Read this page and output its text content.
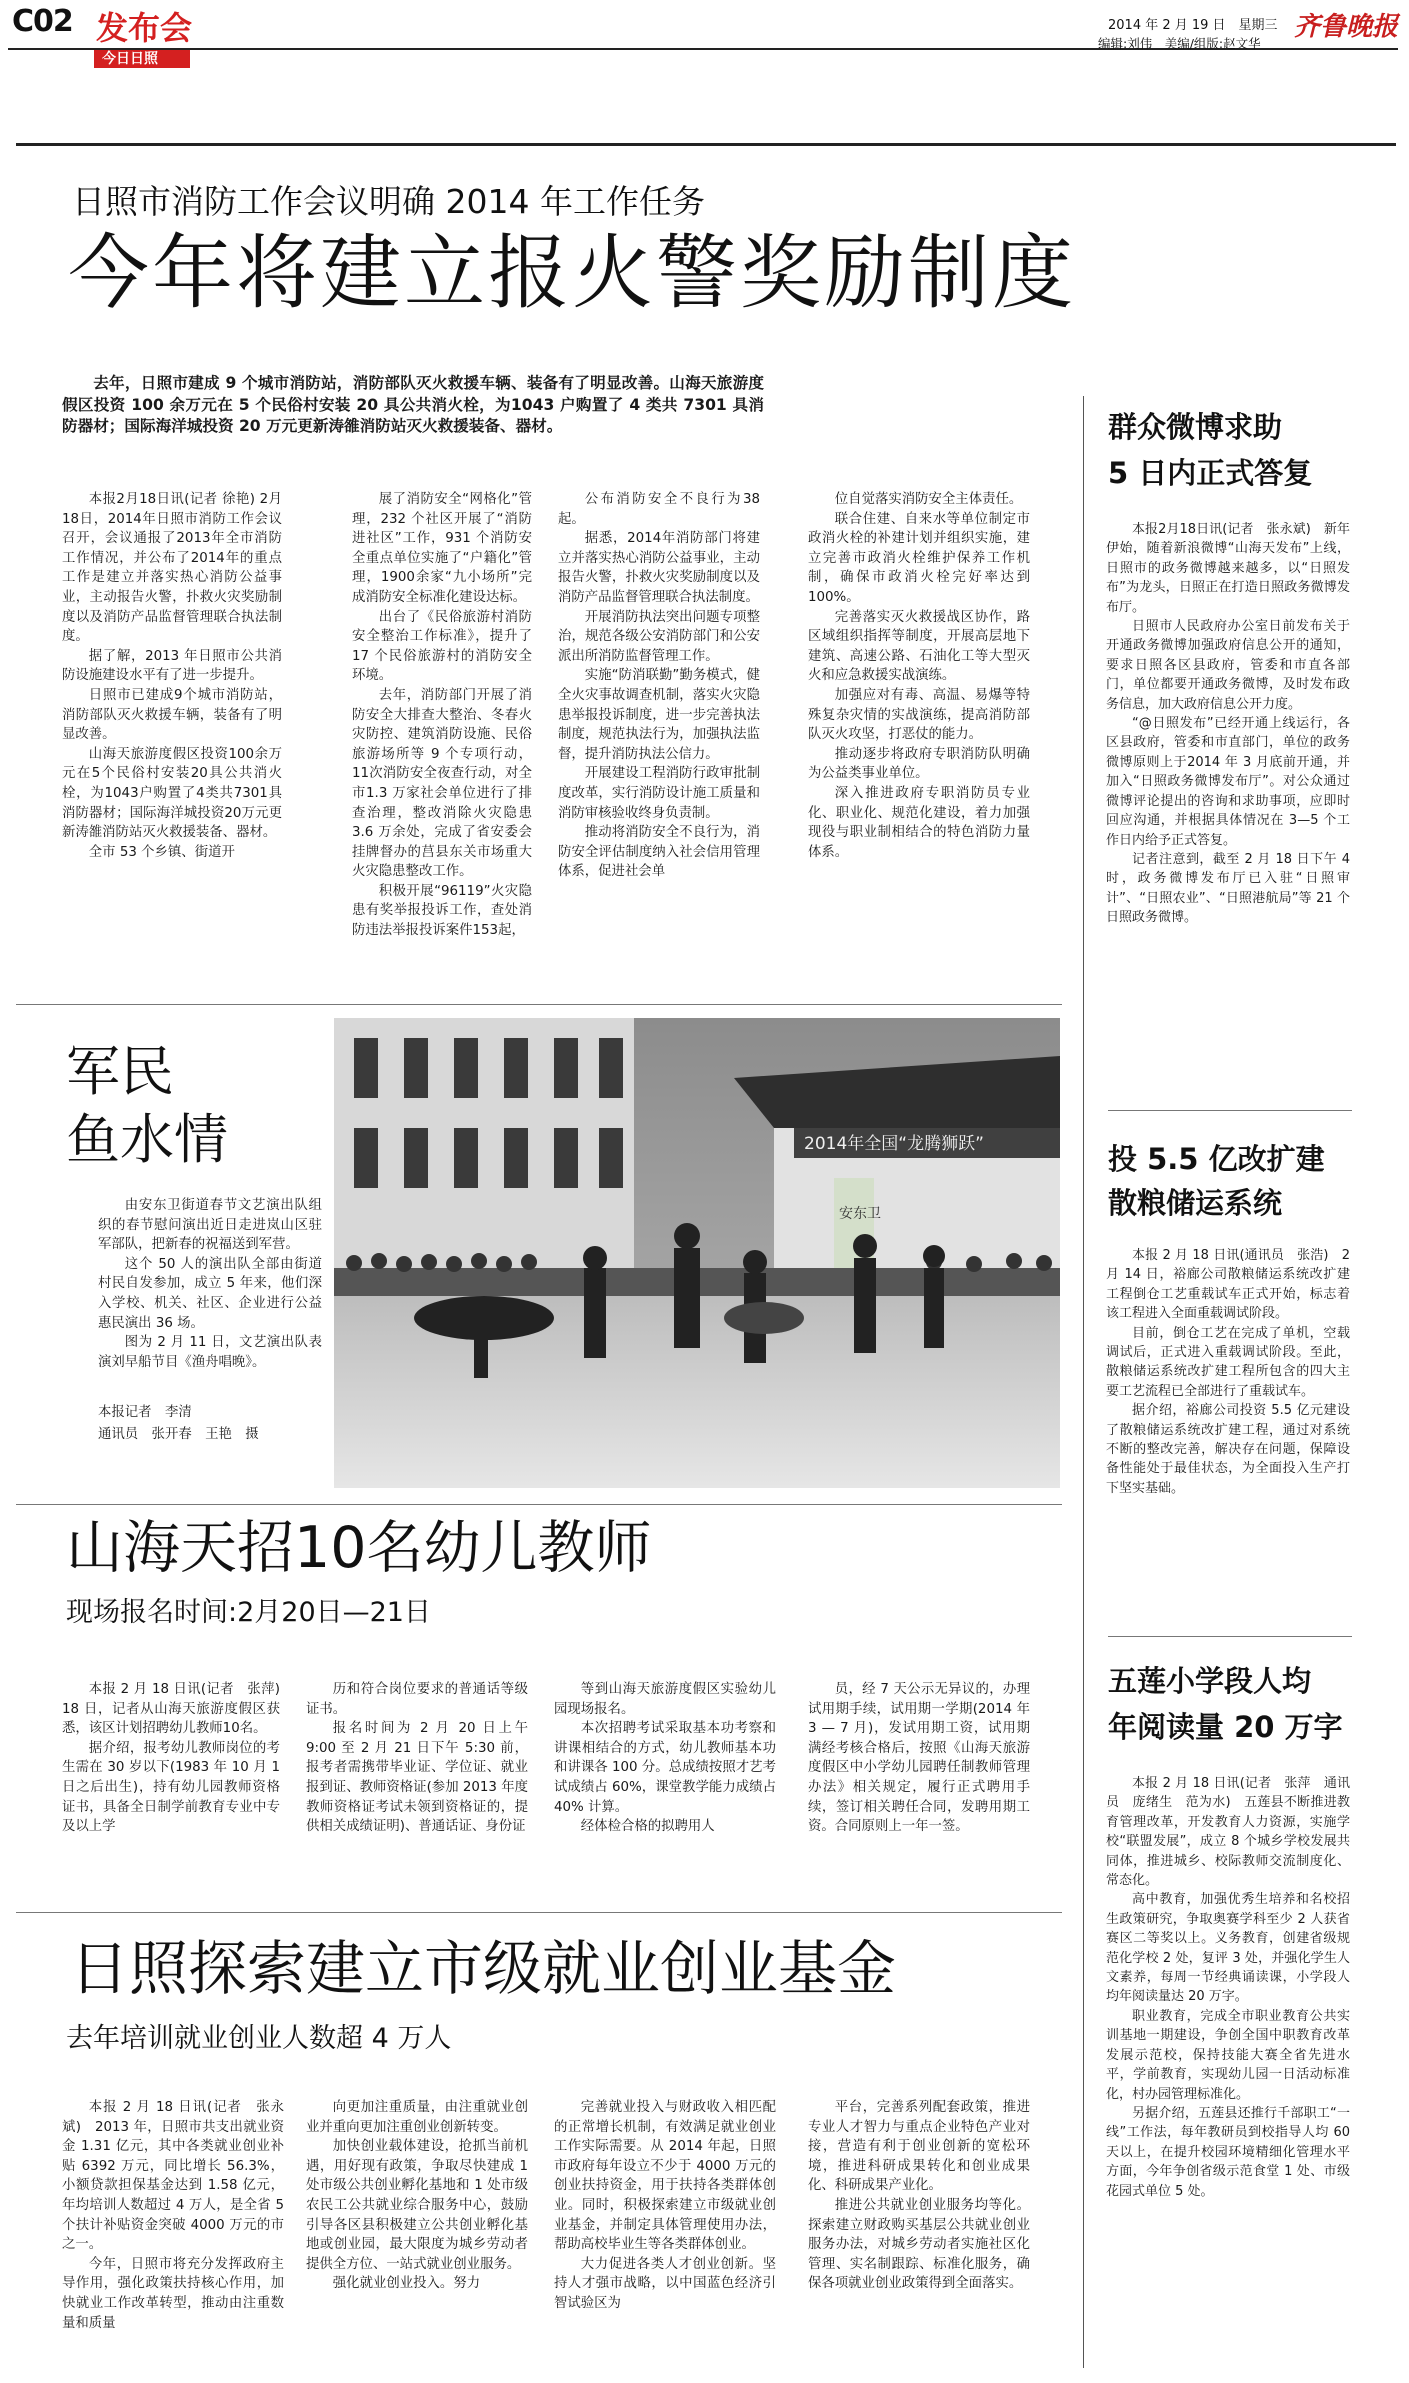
C02 发布会
今日日照
2014 年 2 月 19 日　星期三
编辑:刘伟　美编/组版:赵文华
齐鲁晚报
日照市消防工作会议明确 2014 年工作任务
今年将建立报火警奖励制度

去年，日照市建成 9 个城市消防站，消防部队灭火救援车辆、装备有了明显改善。山海天旅游度假区投资 100 余万元在 5 个民俗村安装 20 具公共消火栓，为1043 户购置了 4 类共 7301 具消防器材；国际海洋城投资 20 万元更新涛雒消防站灭火救援装备、器材。

本报2月18日讯(记者 徐艳) 2月18日，2014年日照市消防工作会议召开，会议通报了2013年全市消防工作情况，并公布了2014年的重点工作是建立并落实热心消防公益事业，主动报告火警，扑救火灾奖励制度以及消防产品监督管理联合执法制度。

据了解，2013 年日照市公共消防设施建设水平有了进一步提升。

日照市已建成9个城市消防站，消防部队灭火救援车辆，装备有了明显改善。

山海天旅游度假区投资100余万元在5个民俗村安装20具公共消火栓，为1043户购置了4类共7301具消防器材；国际海洋城投资20万元更新涛雒消防站灭火救援装备、器材。

全市 53 个乡镇、街道开

展了消防安全“网格化”管理，232 个社区开展了“消防进社区”工作，931 个消防安全重点单位实施了“户籍化”管理，1900余家“九小场所”完成消防安全标准化建设达标。

出台了《民俗旅游村消防安全整治工作标准》，提升了17 个民俗旅游村的消防安全环境。

去年，消防部门开展了消防安全大排查大整治、冬春火灾防控、建筑消防设施、民俗旅游场所等 9 个专项行动，11次消防安全夜查行动，对全市1.3 万家社会单位进行了排查治理，整改消除火灾隐患 3.6 万余处，完成了省安委会挂牌督办的莒县东关市场重大火灾隐患整改工作。

积极开展“96119”火灾隐患有奖举报投诉工作，查处消防违法举报投诉案件153起，

公布消防安全不良行为38起。

据悉，2014年消防部门将建立并落实热心消防公益事业，主动报告火警，扑救火灾奖励制度以及消防产品监督管理联合执法制度。

开展消防执法突出问题专项整治，规范各级公安消防部门和公安派出所消防监督管理工作。

实施“防消联勤”勤务模式，健全火灾事故调查机制，落实火灾隐患举报投诉制度，进一步完善执法制度，规范执法行为，加强执法监督，提升消防执法公信力。

开展建设工程消防行政审批制度改革，实行消防设计施工质量和消防审核验收终身负责制。

推动将消防安全不良行为，消防安全评估制度纳入社会信用管理体系，促进社会单

位自觉落实消防安全主体责任。

联合住建、自来水等单位制定市政消火栓的补建计划并组织实施，建立完善市政消火栓维护保养工作机制，确保市政消火栓完好率达到100%。

完善落实灭火救援战区协作，路区域组织指挥等制度，开展高层地下建筑、高速公路、石油化工等大型灭火和应急救援实战演练。

加强应对有毒、高温、易爆等特殊复杂灾情的实战演练，提高消防部队灭火攻坚，打恶仗的能力。

推动逐步将政府专职消防队明确为公益类事业单位。

深入推进政府专职消防员专业化、职业化、规范化建设，着力加强现役与职业制相结合的特色消防力量体系。

群众微博求助
5 日内正式答复

本报2月18日讯(记者　张永斌)　新年伊始，随着新浪微博“山海天发布”上线，日照市的政务微博越来越多，以“日照发布”为龙头，日照正在打造日照政务微博发布厅。

日照市人民政府办公室日前发布关于开通政务微博加强政府信息公开的通知，要求日照各区县政府，管委和市直各部门，单位都要开通政务微博，及时发布政务信息，加大政府信息公开力度。

“@日照发布”已经开通上线运行，各区县政府，管委和市直部门，单位的政务微博原则上于2014 年 3 月底前开通，并加入“日照政务微博发布厅”。对公众通过微博评论提出的咨询和求助事项，应即时回应沟通，并根据具体情况在 3—5 个工作日内给予正式答复。

记者注意到，截至 2 月 18 日下午 4 时，政务微博发布厅已入驻“日照审计”、“日照农业”、“日照港航局”等 21 个日照政务微博。

投 5.5 亿改扩建
散粮储运系统

本报 2 月 18 日讯(通讯员　张浩)　2 月 14 日，裕廊公司散粮储运系统改扩建工程倒仓工艺重载试车正式开始，标志着该工程进入全面重载调试阶段。

目前，倒仓工艺在完成了单机，空载调试后，正式进入重载调试阶段。至此，散粮储运系统改扩建工程所包含的四大主要工艺流程已全部进行了重载试车。

据介绍，裕廊公司投资 5.5 亿元建设了散粮储运系统改扩建工程，通过对系统不断的整改完善，解决存在问题，保障设备性能处于最佳状态，为全面投入生产打下坚实基础。

五莲小学段人均
年阅读量 20 万字

本报 2 月 18 日讯(记者　张萍　通讯员　庞绪生　范为水)　五莲县不断推进教育管理改革，开发教育人力资源，实施学校“联盟发展”，成立 8 个城乡学校发展共同体，推进城乡、校际教师交流制度化、常态化。

高中教育，加强优秀生培养和名校招生政策研究，争取奥赛学科至少 2 人获省赛区二等奖以上。义务教育，创建省级规范化学校 2 处，复评 3 处，并强化学生人文素养，每周一节经典诵读课，小学段人均年阅读量达 20 万字。

职业教育，完成全市职业教育公共实训基地一期建设，争创全国中职教育改革发展示范校，保持技能大赛全省先进水平，学前教育，实现幼儿园一日活动标准化，村办园管理标准化。

另据介绍，五莲县还推行千部职工“一线”工作法，每年教研员到校指导人均 60 天以上，在提升校园环境精细化管理水平方面，今年争创省级示范食堂 1 处、市级花园式单位 5 处。

军民
鱼水情

由安东卫街道春节文艺演出队组织的春节慰问演出近日走进岚山区驻军部队，把新春的祝福送到军营。

这个 50 人的演出队全部由街道村民自发参加，成立 5 年来，他们深入学校、机关、社区、企业进行公益惠民演出 36 场。

图为 2 月 11 日，文艺演出队表演刘早船节目《渔舟唱晚》。

本报记者　李清
通讯员　张开春　王艳　摄
2014年全国“龙腾狮跃”
安东卫
山海天招10名幼儿教师
现场报名时间:2月20日—21日

本报 2 月 18 日讯(记者　张萍)　18 日，记者从山海天旅游度假区获悉，该区计划招聘幼儿教师10名。

据介绍，报考幼儿教师岗位的考生需在 30 岁以下(1983 年 10 月 1 日之后出生)，持有幼儿园教师资格证书，具备全日制学前教育专业中专及以上学

历和符合岗位要求的普通话等级证书。

报名时间为 2 月 20 日上午 9:00 至 2 月 21 日下午 5:30 前，报考者需携带毕业证、学位证、就业报到证、教师资格证(参加 2013 年度教师资格证考试未领到资格证的，提供相关成绩证明)、普通话证、身份证

等到山海天旅游度假区实验幼儿园现场报名。

本次招聘考试采取基本功考察和讲课相结合的方式，幼儿教师基本功和讲课各 100 分。总成绩按照才艺考试成绩占 60%，课堂教学能力成绩占 40% 计算。

经体检合格的拟聘用人

员，经 7 天公示无异议的，办理试用期手续，试用期一学期(2014 年 3 — 7 月)，发试用期工资，试用期满经考核合格后，按照《山海天旅游度假区中小学幼儿园聘任制教师管理办法》相关规定，履行正式聘用手续，签订相关聘任合同，发聘用期工资。合同原则上一年一签。

日照探索建立市级就业创业基金
去年培训就业创业人数超 4 万人

本报 2 月 18 日讯(记者　张永斌)　2013 年，日照市共支出就业资金 1.31 亿元，其中各类就业创业补贴 6392 万元，同比增长 56.3%，小额贷款担保基金达到 1.58 亿元，年均培训人数超过 4 万人，是全省 5 个扶计补贴资金突破 4000 万元的市之一。

今年，日照市将充分发挥政府主导作用，强化政策扶持核心作用，加快就业工作改革转型，推动由注重数量和质量

向更加注重质量，由注重就业创业并重向更加注重创业创新转变。

加快创业载体建设，抢抓当前机遇，用好现有政策，争取尽快建成 1 处市级公共创业孵化基地和 1 处市级农民工公共就业综合服务中心，鼓励引导各区县积极建立公共创业孵化基地或创业园，最大限度为城乡劳动者提供全方位、一站式就业创业服务。

强化就业创业投入。努力

完善就业投入与财政收入相匹配的正常增长机制，有效满足就业创业工作实际需要。从 2014 年起，日照市政府每年设立不少于 4000 万元的创业扶持资金，用于扶持各类群体创业。同时，积极探索建立市级就业创业基金，并制定具体管理使用办法，帮助高校毕业生等各类群体创业。

大力促进各类人才创业创新。坚持人才强市战略，以中国蓝色经济引智试验区为

平台，完善系列配套政策，推进专业人才智力与重点企业特色产业对接，营造有利于创业创新的宽松环境，推进科研成果转化和创业成果化、科研成果产业化。

推进公共就业创业服务均等化。探索建立财政购买基层公共就业创业服务办法，对城乡劳动者实施社区化管理、实名制跟踪、标准化服务，确保各项就业创业政策得到全面落实。
